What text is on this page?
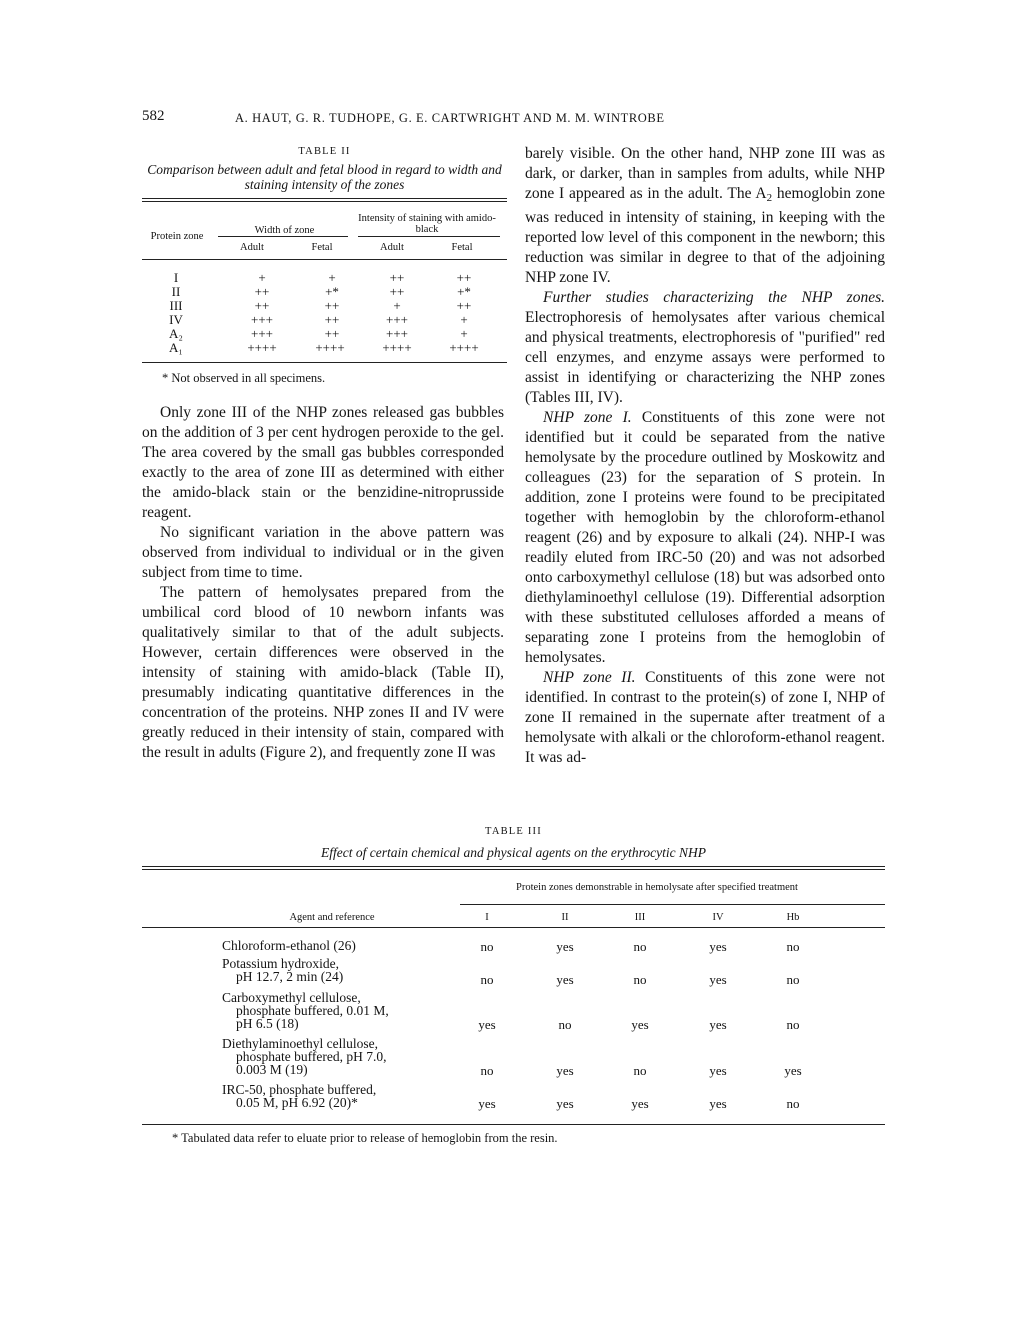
582	A. HAUT, G. R. TUDHOPE, G. E. CARTWRIGHT AND M. M. WINTROBE
TABLE II
Comparison between adult and fetal blood in regard to width and staining intensity of the zones
Protein zone
Width of zone
Intensity of staining with amido-black
Adult	Fetal	Adult	Fetal
I	+	+	++	++
II	++	+*	++	+*
III	++	++	+	++
IV	+++	++	+++	+
A₂	+++	++	+++	+
A₁	++++	++++	++++	++++
* Not observed in all specimens.

Only zone III of the NHP zones released gas bubbles on the addition of 3 per cent hydrogen peroxide to the gel. The area covered by the small gas bubbles corresponded exactly to the area of zone III as determined with either the amido-black stain or the benzidine-nitroprusside reagent.

No significant variation in the above pattern was observed from individual to individual or in the given subject from time to time.

The pattern of hemolysates prepared from the umbilical cord blood of 10 newborn infants was qualitatively similar to that of the adult subjects. However, certain differences were observed in the intensity of staining with amido-black (Table II), presumably indicating quantitative differences in the concentration of the proteins. NHP zones II and IV were greatly reduced in their intensity of stain, compared with the result in adults (Figure 2), and frequently zone II was

barely visible. On the other hand, NHP zone III was as dark, or darker, than in samples from adults, while NHP zone I appeared as in the adult. The $A_2$ hemoglobin zone was reduced in intensity of staining, in keeping with the reported low level of this component in the newborn; this reduction was similar in degree to that of the adjoining NHP zone IV.

Further studies characterizing the NHP zones. Electrophoresis of hemolysates after various chemical and physical treatments, electrophoresis of "purified" red cell enzymes, and enzyme assays were performed to assist in identifying or characterizing the NHP zones (Tables III, IV).

NHP zone I. Constituents of this zone were not identified but it could be separated from the native hemolysate by the procedure outlined by Moskowitz and colleagues (23) for the separation of S protein. In addition, zone I proteins were found to be precipitated together with hemoglobin by the chloroform-ethanol reagent (26) and by exposure to alkali (24). NHP-I was readily eluted from IRC-50 (20) and was not adsorbed onto carboxymethyl cellulose (18) but was adsorbed onto diethylaminoethyl cellulose (19). Differential adsorption with these substituted celluloses afforded a means of separating zone I proteins from the hemoglobin of hemolysates.

NHP zone II. Constituents of this zone were not identified. In contrast to the protein(s) of zone I, NHP of zone II remained in the supernate after treatment of a hemolysate with alkali or the chloroform-ethanol reagent. It was ad-

TABLE III
Effect of certain chemical and physical agents on the erythrocytic NHP
Protein zones demonstrable in hemolysate after specified treatment
Agent and reference	I	II	III	IV	Hb
Chloroform-ethanol (26)	no	yes	no	yes	no
Potassium hydroxide,
pH 12.7, 2 min (24)	no	yes	no	yes	no
Carboxymethyl cellulose,
phosphate buffered, 0.01 M,
pH 6.5 (18)	yes	no	yes	yes	no
Diethylaminoethyl cellulose,
phosphate buffered, pH 7.0,
0.003 M (19)	no	yes	no	yes	yes
IRC-50, phosphate buffered,
0.05 M, pH 6.92 (20)*	yes	yes	yes	yes	no
* Tabulated data refer to eluate prior to release of hemoglobin from the resin.
